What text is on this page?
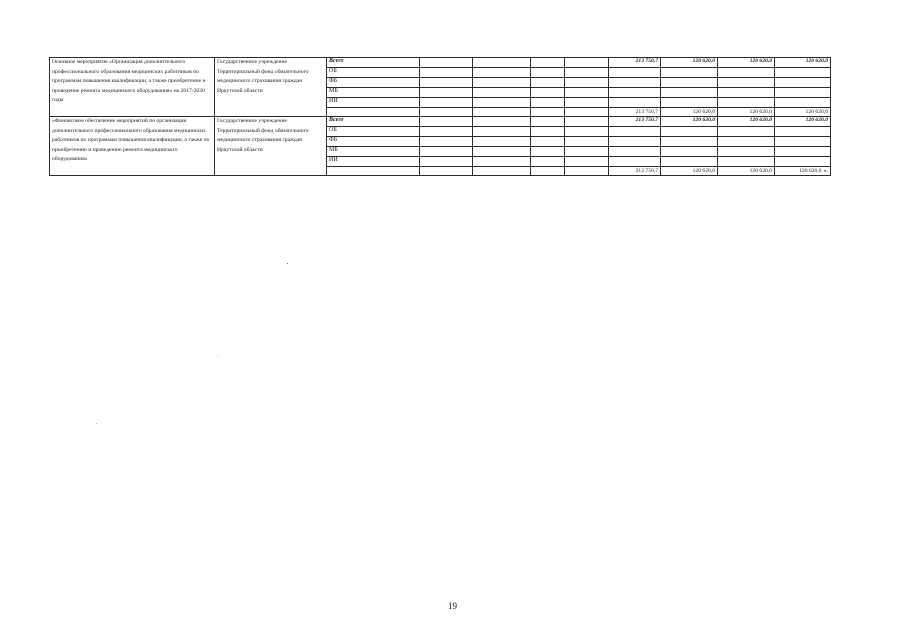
Основное мероприятие «Организация дополнительного профессионального образования медицинских работников по программам повышения квалификации, а также приобретение и проведение ремонта медицинского оборудования» на 2017-2020 годы	Государственное учреждение Территориальный фонд обязательного медицинского страхования граждан Иркутской области	Всего					213 750,7	120 620,0	120 620,0	120 620,0
		ОБ								
		ФБ								
		МБ								
		ИИ								
							213 750,7	120 620,0	120 620,0	120 620,0
«Финансовое обеспечение мероприятий по организации дополнительного профессионального образования медицинских работников по программам повышения квалификации, а также по приобретению и проведению ремонта медицинского оборудования»	Государственное учреждение Территориальный фонд обязательного медицинского страхования граждан Иркутской области	Всего					213 750,7	120 620,0	120 620,0	120 620,0
		ОБ								
		ФБ								
		МБ								
		ИИ								
							213 750,7	120 620,0	120 620,0	120 620,0 ».
19
